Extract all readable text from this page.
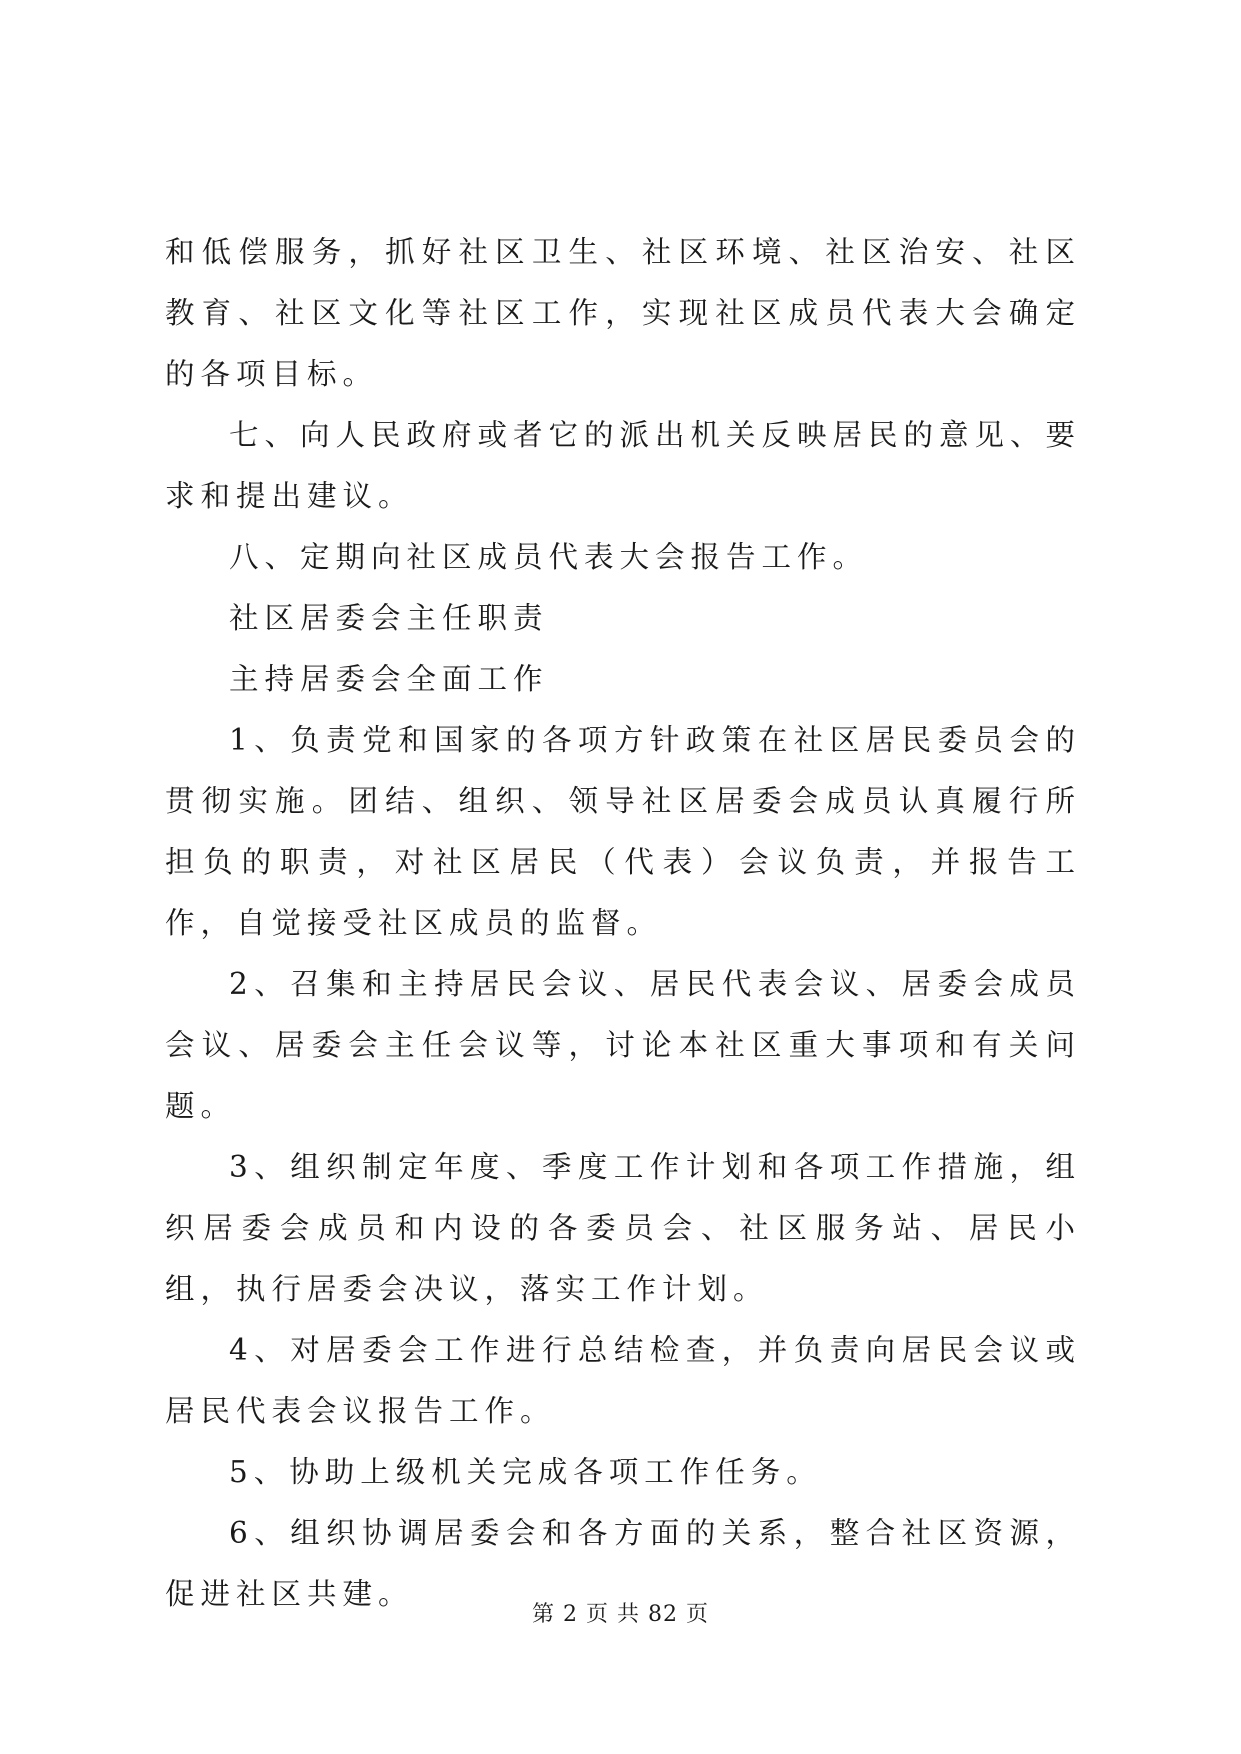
和低偿服务，抓好社区卫生、社区环境、社区治安、社区教育、社区文化等社区工作，实现社区成员代表大会确定的各项目标。

七、向人民政府或者它的派出机关反映居民的意见、要求和提出建议。

八、定期向社区成员代表大会报告工作。

社区居委会主任职责

主持居委会全面工作

1、负责党和国家的各项方针政策在社区居民委员会的贯彻实施。团结、组织、领导社区居委会成员认真履行所担负的职责，对社区居民（代表）会议负责，并报告工作，自觉接受社区成员的监督。

2、召集和主持居民会议、居民代表会议、居委会成员会议、居委会主任会议等，讨论本社区重大事项和有关问题。

3、组织制定年度、季度工作计划和各项工作措施，组织居委会成员和内设的各委员会、社区服务站、居民小组，执行居委会决议，落实工作计划。

4、对居委会工作进行总结检查，并负责向居民会议或居民代表会议报告工作。

5、协助上级机关完成各项工作任务。

6、组织协调居委会和各方面的关系，整合社区资源，促进社区共建。

第 2 页 共 82 页
